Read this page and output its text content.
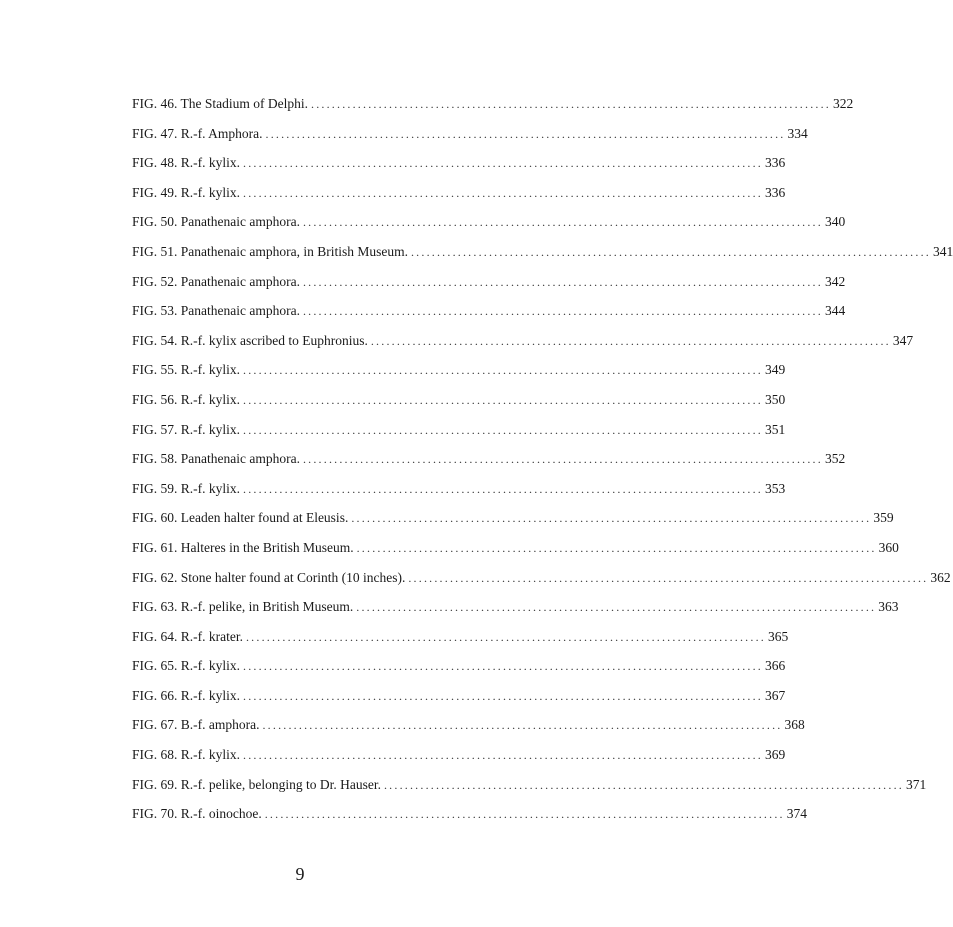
FIG. 46. The Stadium of Delphi. .....	322
FIG. 47. R.-f. Amphora. .....	334
FIG. 48. R.-f. kylix. .....	336
FIG. 49. R.-f. kylix. .....	336
FIG. 50. Panathenaic amphora. .....	340
FIG. 51. Panathenaic amphora, in British Museum. .....	341
FIG. 52. Panathenaic amphora. .....	342
FIG. 53. Panathenaic amphora. .....	344
FIG. 54. R.-f. kylix ascribed to Euphronius. .....	347
FIG. 55. R.-f. kylix. .....	349
FIG. 56. R.-f. kylix. .....	350
FIG. 57. R.-f. kylix. .....	351
FIG. 58. Panathenaic amphora. .....	352
FIG. 59. R.-f. kylix. .....	353
FIG. 60. Leaden halter found at Eleusis. .....	359
FIG. 61. Halteres in the British Museum. .....	360
FIG. 62. Stone halter found at Corinth (10 inches). .....	362
FIG. 63. R.-f. pelike, in British Museum. .....	363
FIG. 64. R.-f. krater. .....	365
FIG. 65. R.-f. kylix. .....	366
FIG. 66. R.-f. kylix. .....	367
FIG. 67. B.-f. amphora. .....	368
FIG. 68. R.-f. kylix. .....	369
FIG. 69. R.-f. pelike, belonging to Dr. Hauser. .....	371
FIG. 70. R.-f. oinochoe. .....	374
9
